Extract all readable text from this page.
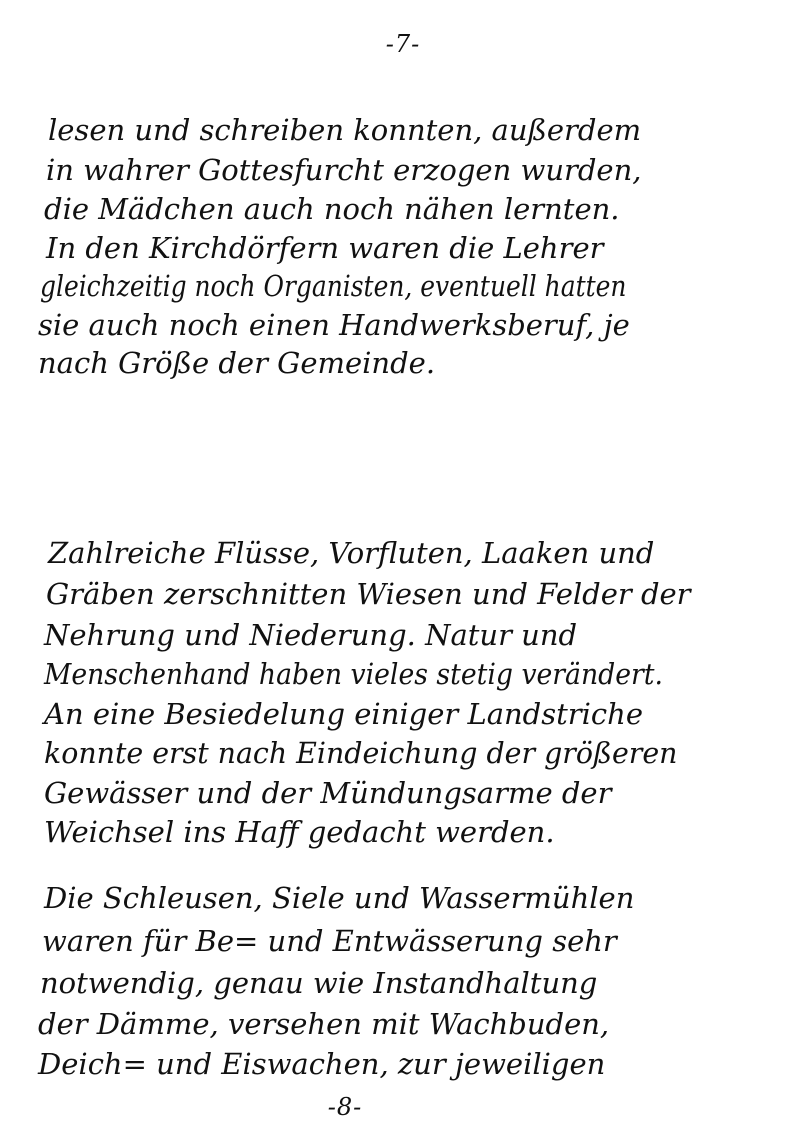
-7-
lesen und schreiben konnten, außerdem
in wahrer Gottesfurcht erzogen wurden,
die Mädchen auch noch nähen lernten.
In den Kirchdörfern waren die Lehrer
gleichzeitig noch Organisten, eventuell hatten
sie auch noch einen Handwerksberuf, je
nach Größe der Gemeinde.
Zahlreiche Flüsse, Vorfluten, Laaken und
Gräben zerschnitten Wiesen und Felder der
Nehrung und Niederung. Natur und
Menschenhand haben vieles stetig verändert.
An eine Besiedelung einiger Landstriche
konnte erst nach Eindeichung der größeren
Gewässer und der Mündungsarme der
Weichsel ins Haff gedacht werden.
Die Schleusen, Siele und Wassermühlen
waren für Be= und Entwässerung sehr
notwendig, genau wie Instandhaltung
der Dämme, versehen mit Wachbuden,
Deich= und Eiswachen, zur jeweiligen
-8-
